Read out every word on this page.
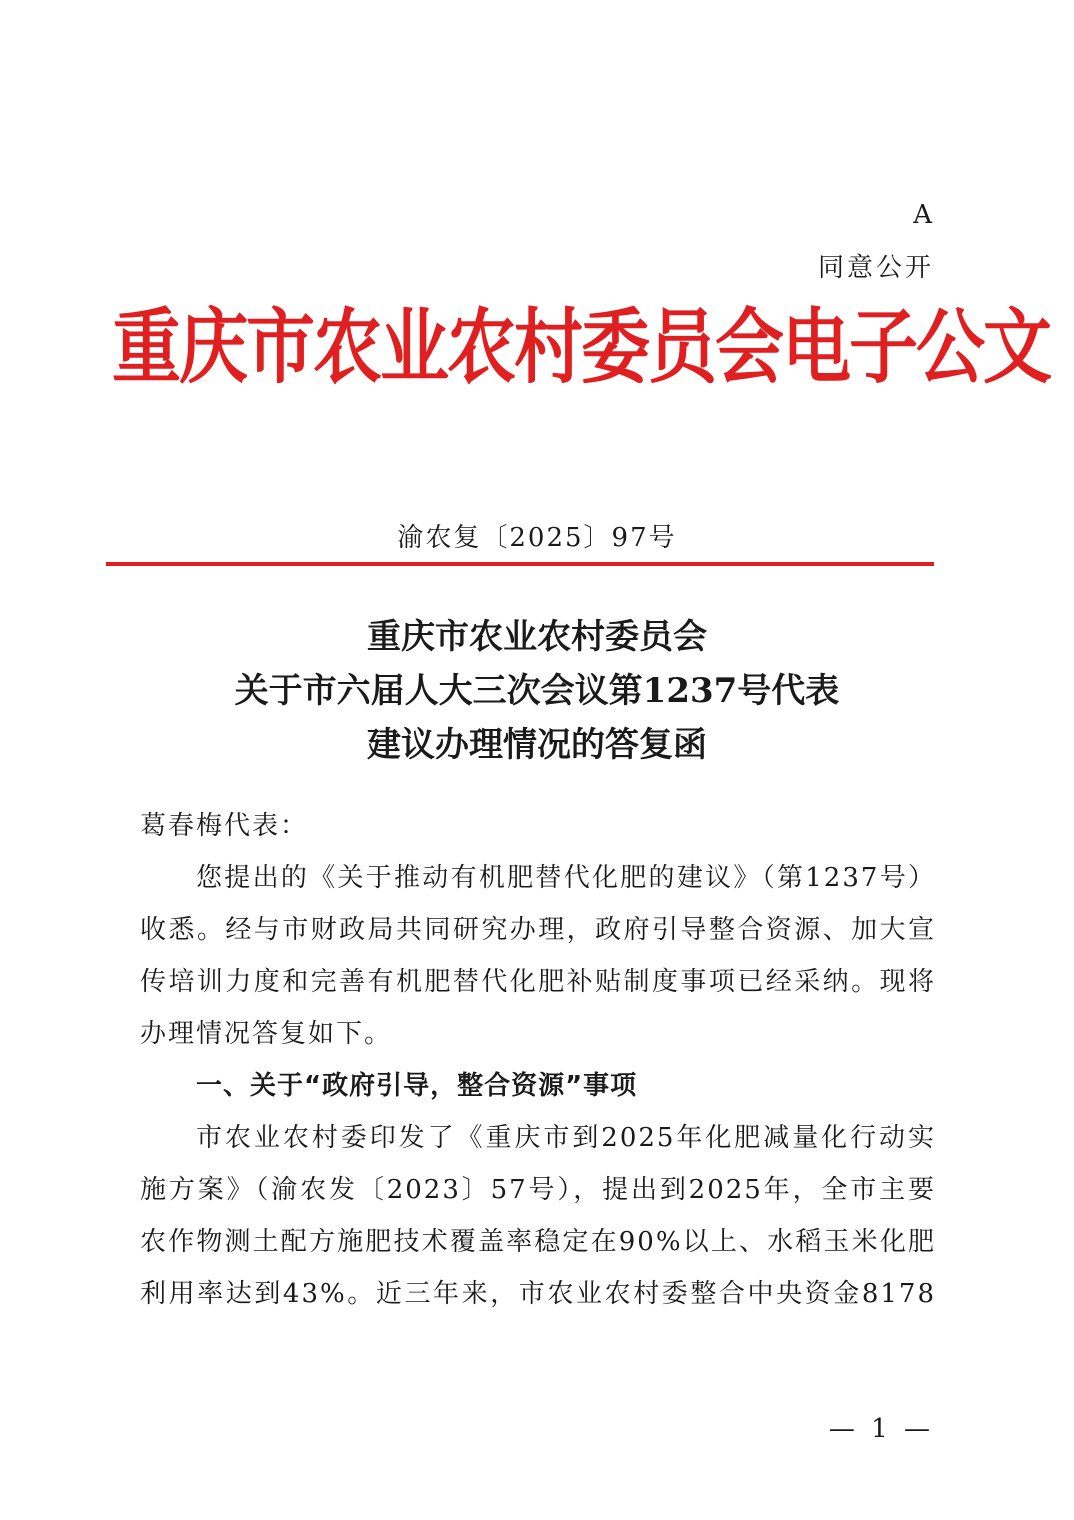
A
同意公开
重庆市农业农村委员会电子公文
渝农复〔2025〕97号
重庆市农业农村委员会
关于市六届人大三次会议第1237号代表
建议办理情况的答复函

葛春梅代表：

您提出的《关于推动有机肥替代化肥的建议》（第1237号）

收悉。经与市财政局共同研究办理，政府引导整合资源、加大宣

传培训力度和完善有机肥替代化肥补贴制度事项已经采纳。现将

办理情况答复如下。

一、关于“政府引导，整合资源”事项

市农业农村委印发了《重庆市到2025年化肥减量化行动实

施方案》（渝农发〔2023〕57号），提出到2025年，全市主要

农作物测土配方施肥技术覆盖率稳定在90%以上、水稻玉米化肥

利用率达到43%。近三年来，市农业农村委整合中央资金8178

— 1 —
